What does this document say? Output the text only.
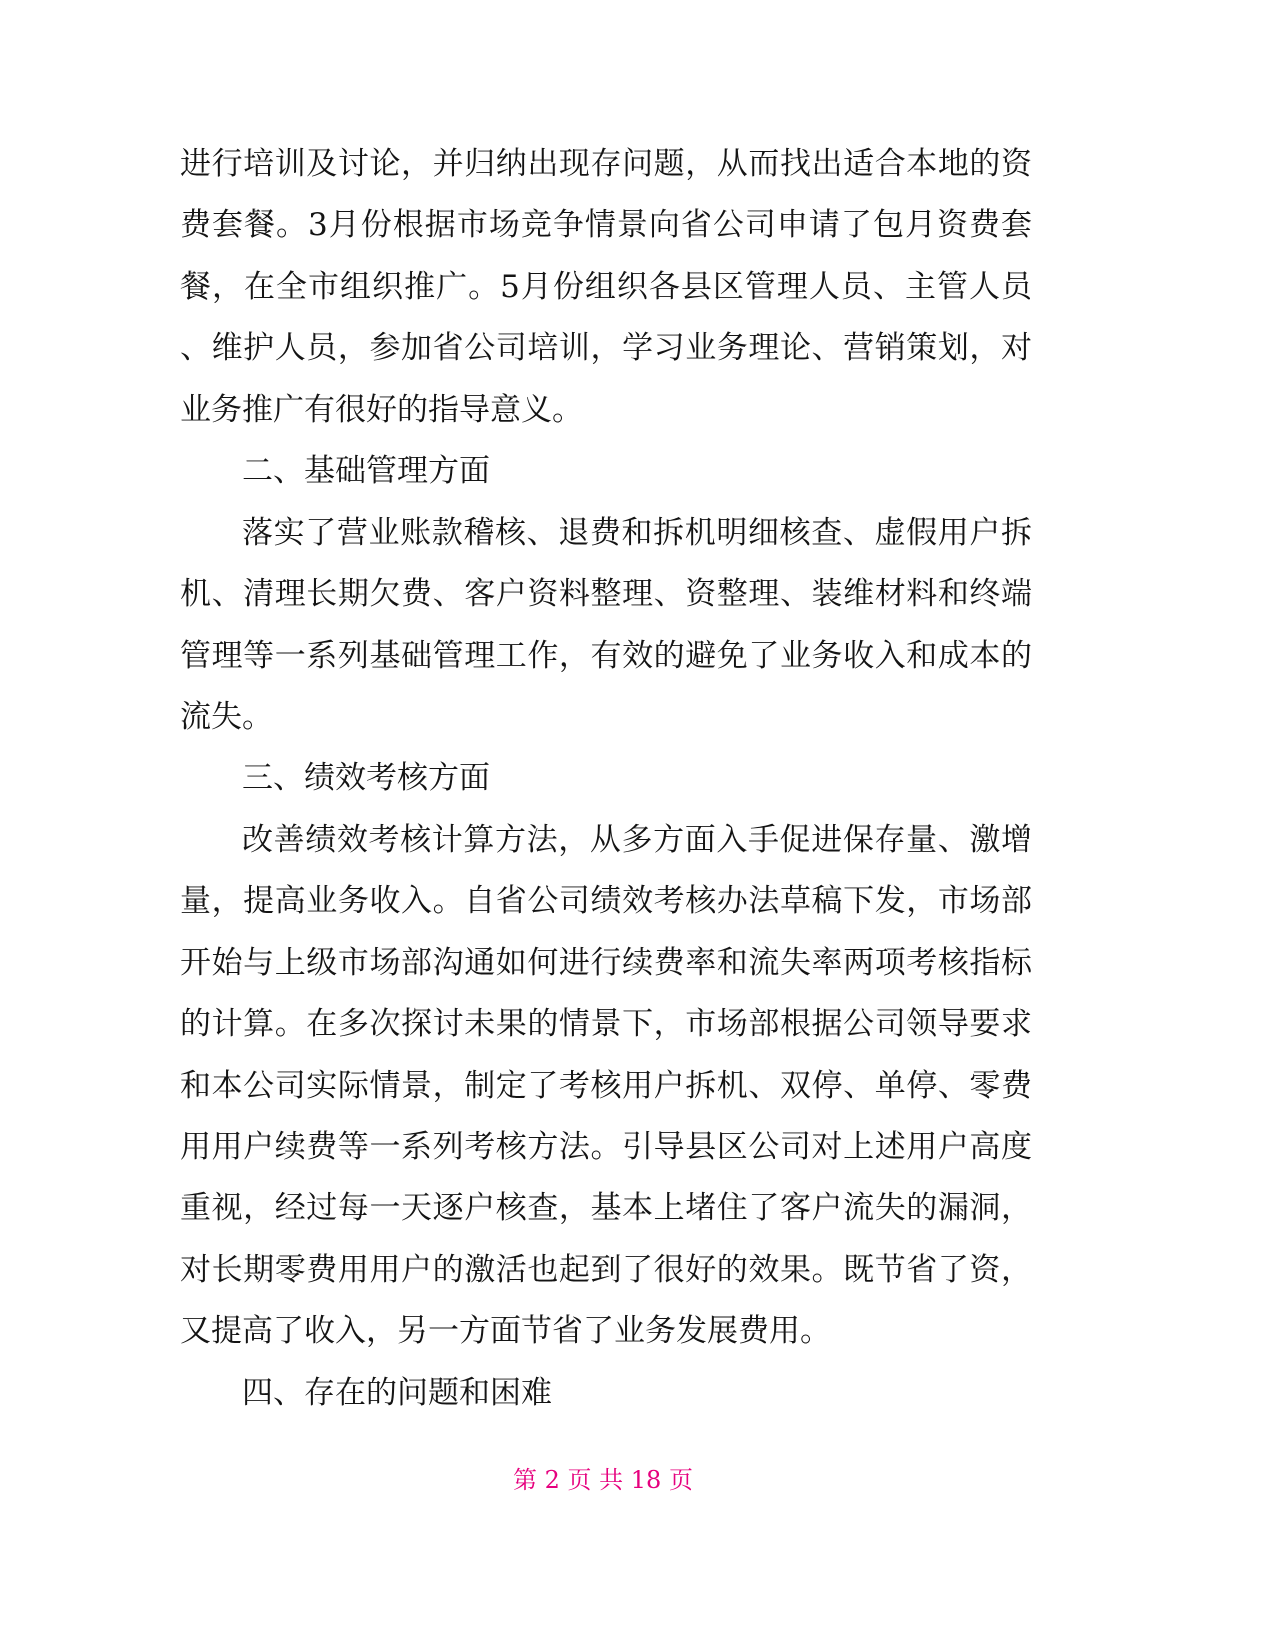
进行培训及讨论，并归纳出现存问题，从而找出适合本地的资
费套餐。3月份根据市场竞争情景向省公司申请了包月资费套
餐，在全市组织推广。5月份组织各县区管理人员、主管人员
、维护人员，参加省公司培训，学习业务理论、营销策划，对
业务推广有很好的指导意义。
二、基础管理方面
落实了营业账款稽核、退费和拆机明细核查、虚假用户拆
机、清理长期欠费、客户资料整理、资整理、装维材料和终端
管理等一系列基础管理工作，有效的避免了业务收入和成本的
流失。
三、绩效考核方面
改善绩效考核计算方法，从多方面入手促进保存量、激增
量，提高业务收入。自省公司绩效考核办法草稿下发，市场部
开始与上级市场部沟通如何进行续费率和流失率两项考核指标
的计算。在多次探讨未果的情景下，市场部根据公司领导要求
和本公司实际情景，制定了考核用户拆机、双停、单停、零费
用用户续费等一系列考核方法。引导县区公司对上述用户高度
重视，经过每一天逐户核查，基本上堵住了客户流失的漏洞，
对长期零费用用户的激活也起到了很好的效果。既节省了资，
又提高了收入，另一方面节省了业务发展费用。
四、存在的问题和困难
第 2 页 共 18 页
